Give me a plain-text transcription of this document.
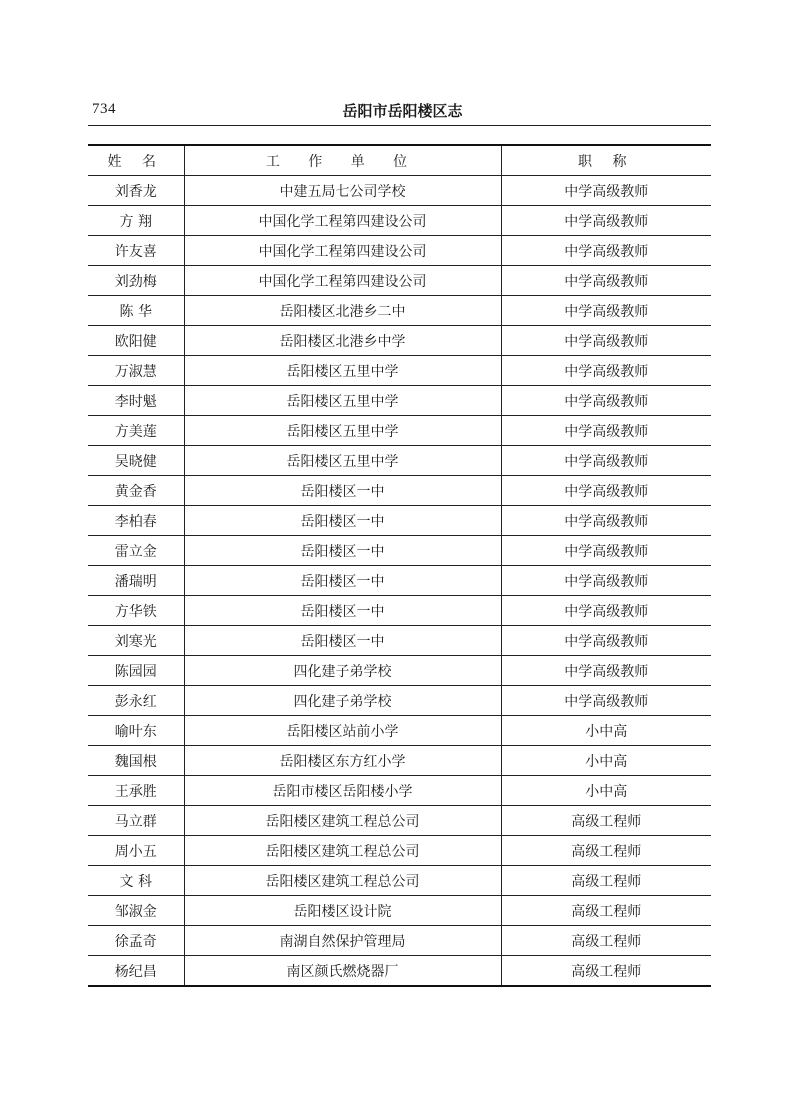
734	岳阳市岳阳楼区志
姓 名	工 作 单 位	职 称
刘香龙	中建五局七公司学校	中学高级教师
方 翔	中国化学工程第四建设公司	中学高级教师
许友喜	中国化学工程第四建设公司	中学高级教师
刘劲梅	中国化学工程第四建设公司	中学高级教师
陈 华	岳阳楼区北港乡二中	中学高级教师
欧阳健	岳阳楼区北港乡中学	中学高级教师
万淑慧	岳阳楼区五里中学	中学高级教师
李时魁	岳阳楼区五里中学	中学高级教师
方美莲	岳阳楼区五里中学	中学高级教师
吴晓健	岳阳楼区五里中学	中学高级教师
黄金香	岳阳楼区一中	中学高级教师
李柏春	岳阳楼区一中	中学高级教师
雷立金	岳阳楼区一中	中学高级教师
潘瑞明	岳阳楼区一中	中学高级教师
方华铁	岳阳楼区一中	中学高级教师
刘寒光	岳阳楼区一中	中学高级教师
陈园园	四化建子弟学校	中学高级教师
彭永红	四化建子弟学校	中学高级教师
喻叶东	岳阳楼区站前小学	小中高
魏国根	岳阳楼区东方红小学	小中高
王承胜	岳阳市楼区岳阳楼小学	小中高
马立群	岳阳楼区建筑工程总公司	高级工程师
周小五	岳阳楼区建筑工程总公司	高级工程师
文 科	岳阳楼区建筑工程总公司	高级工程师
邹淑金	岳阳楼区设计院	高级工程师
徐孟奇	南湖自然保护管理局	高级工程师
杨纪昌	南区颜氏燃烧器厂	高级工程师
